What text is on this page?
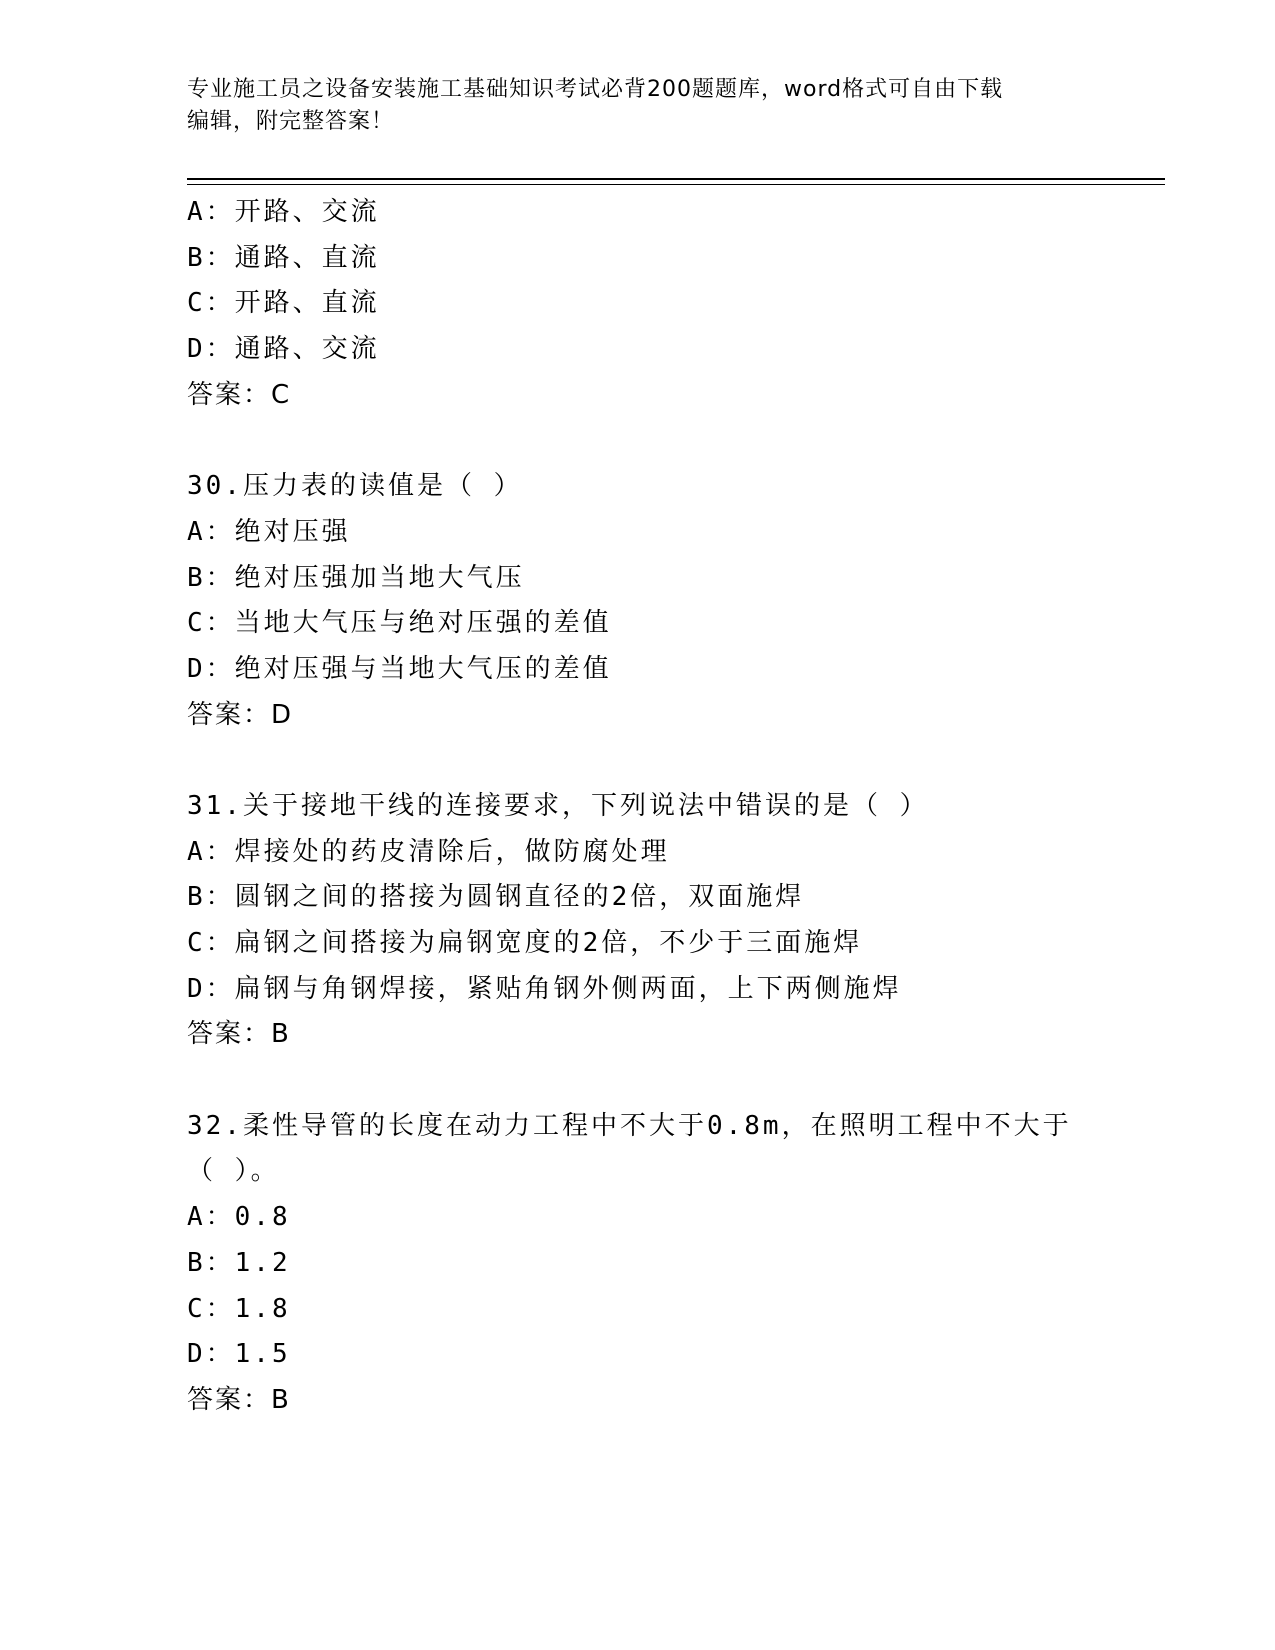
专业施工员之设备安装施工基础知识考试必背200题题库，word格式可自由下载
编辑，附完整答案！
A：开路、交流
B：通路、直流
C：开路、直流
D：通路、交流
答案：C
30.压力表的读值是（ ）
A：绝对压强
B：绝对压强加当地大气压
C：当地大气压与绝对压强的差值
D：绝对压强与当地大气压的差值
答案：D
31.关于接地干线的连接要求，下列说法中错误的是（ ）
A：焊接处的药皮清除后，做防腐处理
B：圆钢之间的搭接为圆钢直径的2倍，双面施焊
C：扁钢之间搭接为扁钢宽度的2倍，不少于三面施焊
D：扁钢与角钢焊接，紧贴角钢外侧两面，上下两侧施焊
答案：B
32.柔性导管的长度在动力工程中不大于0.8m，在照明工程中不大于（ ）。
A：0.8
B：1.2
C：1.8
D：1.5
答案：B
